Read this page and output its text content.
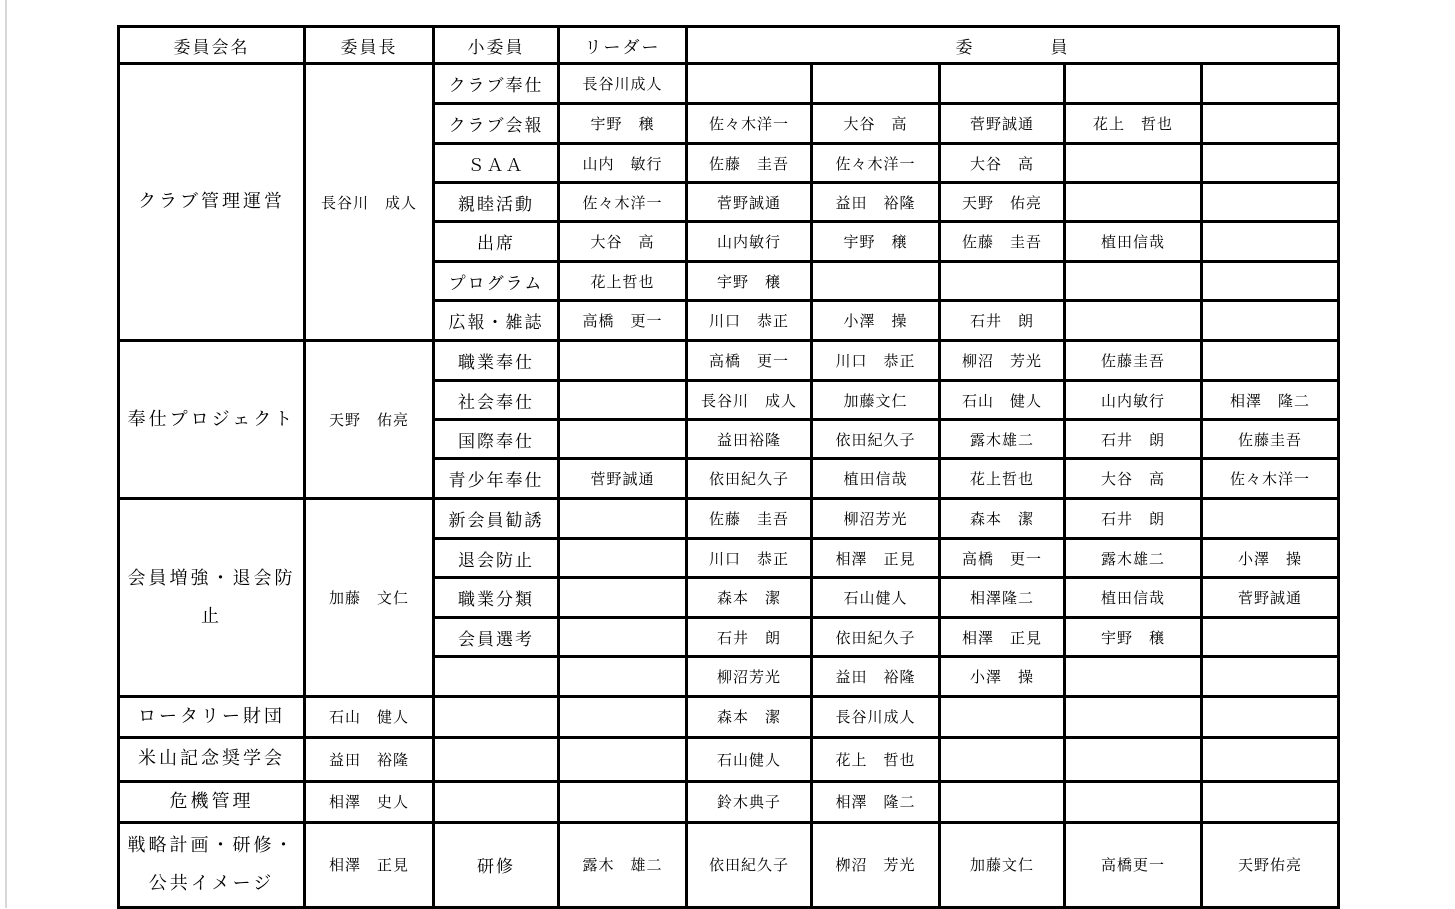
委員会名	委員長	小委員	リーダー	委　　　　員				
クラブ管理運営	長谷川　成人	クラブ奉仕	長谷川成人					
		クラブ会報	宇野　穣	佐々木洋一	大谷　高	菅野誠通	花上　哲也	
		ＳＡＡ	山内　敏行	佐藤　圭吾	佐々木洋一	大谷　高		
		親睦活動	佐々木洋一	菅野誠通	益田　裕隆	天野　佑亮		
		出席	大谷　高	山内敏行	宇野　穣	佐藤　圭吾	植田信哉	
		プログラム	花上哲也	宇野　穣				
		広報・雑誌	高橋　更一	川口　恭正	小澤　操	石井　朗		
奉仕プロジェクト	天野　佑亮	職業奉仕		高橋　更一	川口　恭正	柳沼　芳光	佐藤圭吾	
		社会奉仕		長谷川　成人	加藤文仁	石山　健人	山内敏行	相澤　隆二
		国際奉仕		益田裕隆	依田紀久子	露木雄二	石井　朗	佐藤圭吾
		青少年奉仕	菅野誠通	依田紀久子	植田信哉	花上哲也	大谷　高	佐々木洋一
会員増強・退会防止	加藤　文仁	新会員勧誘		佐藤　圭吾	柳沼芳光	森本　潔	石井　朗	
		退会防止		川口　恭正	相澤　正見	高橋　更一	露木雄二	小澤　操
		職業分類		森本　潔	石山健人	相澤隆二	植田信哉	菅野誠通
		会員選考		石井　朗	依田紀久子	相澤　正見	宇野　穣	
				柳沼芳光	益田　裕隆	小澤　操		
ロータリー財団	石山　健人			森本　潔	長谷川成人			
米山記念奨学会	益田　裕隆			石山健人	花上　哲也			
危機管理	相澤　史人			鈴木典子	相澤　隆二			
戦略計画・研修・公共イメージ	相澤　正見	研修	露木　雄二	依田紀久子	栁沼　芳光	加藤文仁	高橋更一	天野佑亮
